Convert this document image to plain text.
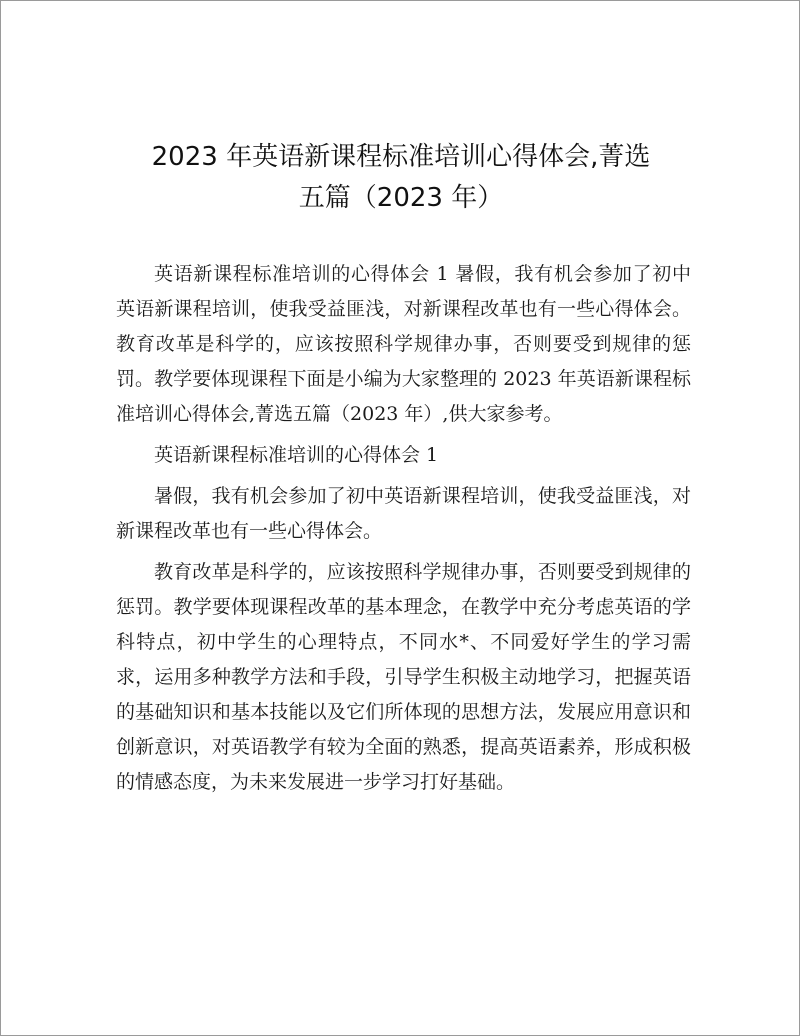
2023 年英语新课程标准培训心得体会,菁选
五篇（2023 年）

英语新课程标准培训的心得体会 1 暑假，我有机会参加了初中英语新课程培训，使我受益匪浅，对新课程改革也有一些心得体会。教育改革是科学的，应该按照科学规律办事，否则要受到规律的惩罚。教学要体现课程下面是小编为大家整理的 2023 年英语新课程标准培训心得体会,菁选五篇（2023 年）,供大家参考。

英语新课程标准培训的心得体会 1

暑假，我有机会参加了初中英语新课程培训，使我受益匪浅，对新课程改革也有一些心得体会。

教育改革是科学的，应该按照科学规律办事，否则要受到规律的惩罚。教学要体现课程改革的基本理念，在教学中充分考虑英语的学科特点，初中学生的心理特点，不同水*、不同爱好学生的学习需求，运用多种教学方法和手段，引导学生积极主动地学习，把握英语的基础知识和基本技能以及它们所体现的思想方法，发展应用意识和创新意识，对英语教学有较为全面的熟悉，提高英语素养，形成积极的情感态度，为未来发展进一步学习打好基础。
